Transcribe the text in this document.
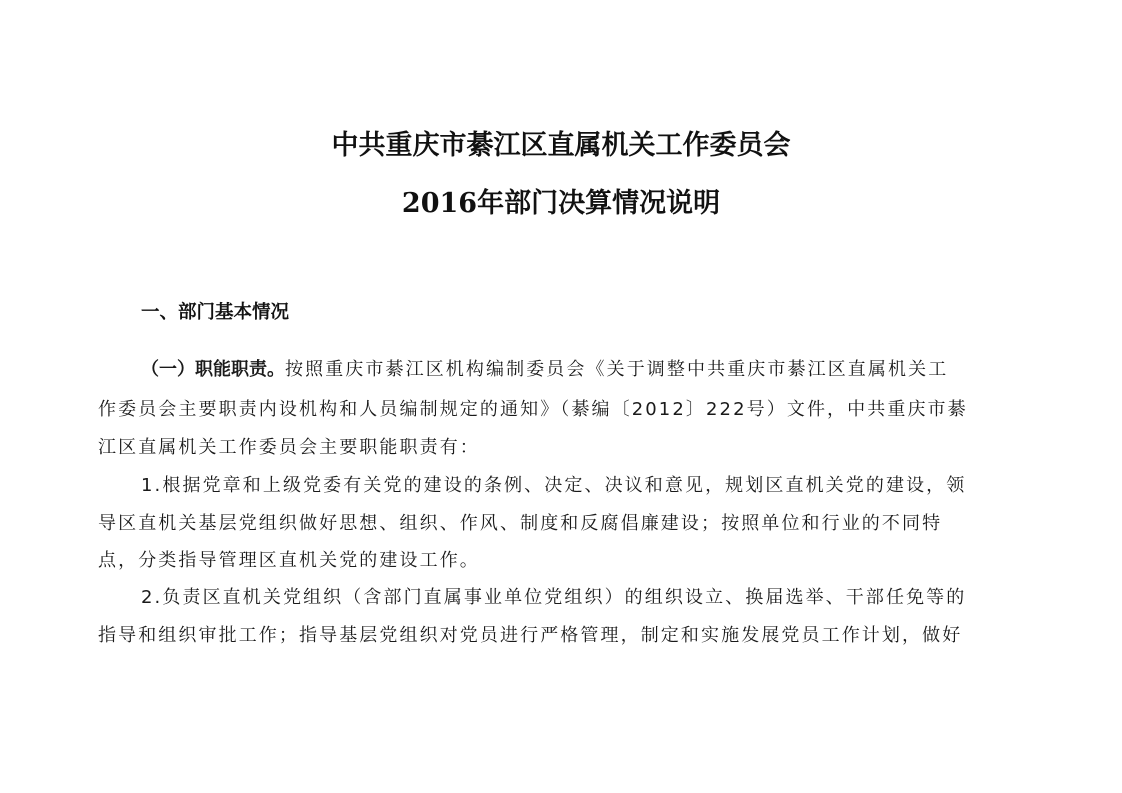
中共重庆市綦江区直属机关工作委员会
2016年部门决算情况说明
一、部门基本情况
（一）职能职责。按照重庆市綦江区机构编制委员会《关于调整中共重庆市綦江区直属机关工
作委员会主要职责内设机构和人员编制规定的通知》（綦编〔2012〕222号）文件，中共重庆市綦
江区直属机关工作委员会主要职能职责有：
1.根据党章和上级党委有关党的建设的条例、决定、决议和意见，规划区直机关党的建设，领
导区直机关基层党组织做好思想、组织、作风、制度和反腐倡廉建设；按照单位和行业的不同特
点，分类指导管理区直机关党的建设工作。
2.负责区直机关党组织（含部门直属事业单位党组织）的组织设立、换届选举、干部任免等的
指导和组织审批工作；指导基层党组织对党员进行严格管理，制定和实施发展党员工作计划，做好
